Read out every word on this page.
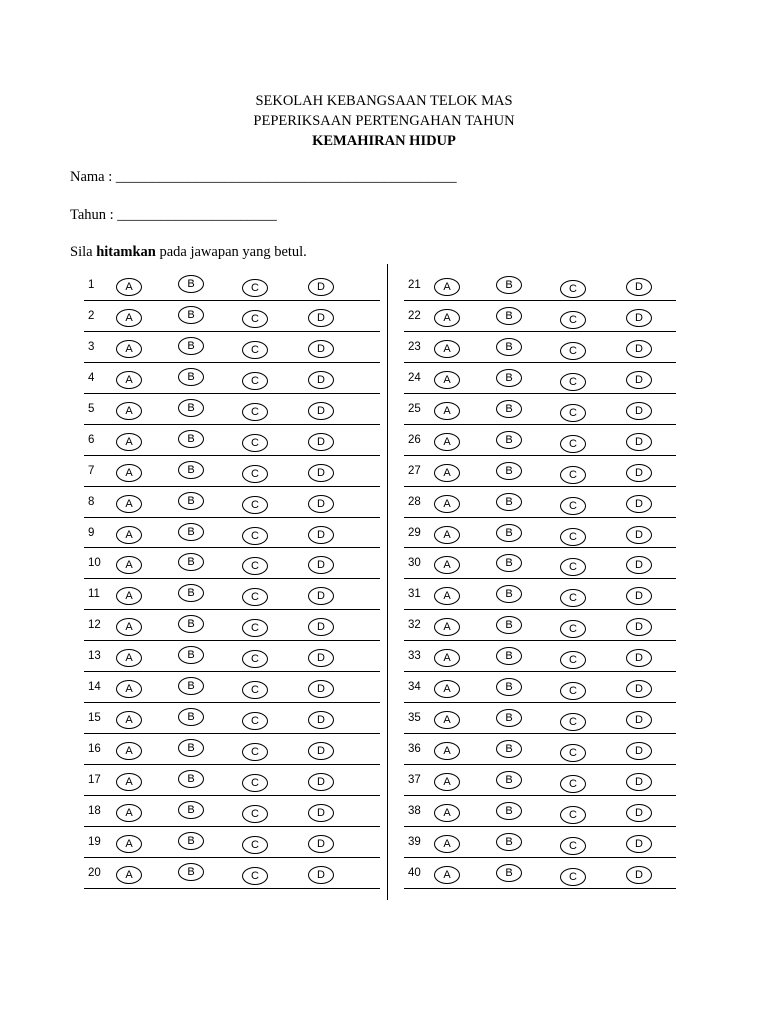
SEKOLAH KEBANGSAAN TELOK MAS
PEPERIKSAAN PERTENGAHAN TAHUN
KEMAHIRAN HIDUP
Nama : _______________________________________________
Tahun : ______________________
Sila hitamkan pada jawapan yang betul.
1	A	B	C	D
2	A	B	C	D
3	A	B	C	D
4	A	B	C	D
5	A	B	C	D
6	A	B	C	D
7	A	B	C	D
8	A	B	C	D
9	A	B	C	D
10	A	B	C	D
11	A	B	C	D
12	A	B	C	D
13	A	B	C	D
14	A	B	C	D
15	A	B	C	D
16	A	B	C	D
17	A	B	C	D
18	A	B	C	D
19	A	B	C	D
20	A	B	C	D
21	A	B	C	D
22	A	B	C	D
23	A	B	C	D
24	A	B	C	D
25	A	B	C	D
26	A	B	C	D
27	A	B	C	D
28	A	B	C	D
29	A	B	C	D
30	A	B	C	D
31	A	B	C	D
32	A	B	C	D
33	A	B	C	D
34	A	B	C	D
35	A	B	C	D
36	A	B	C	D
37	A	B	C	D
38	A	B	C	D
39	A	B	C	D
40	A	B	C	D
